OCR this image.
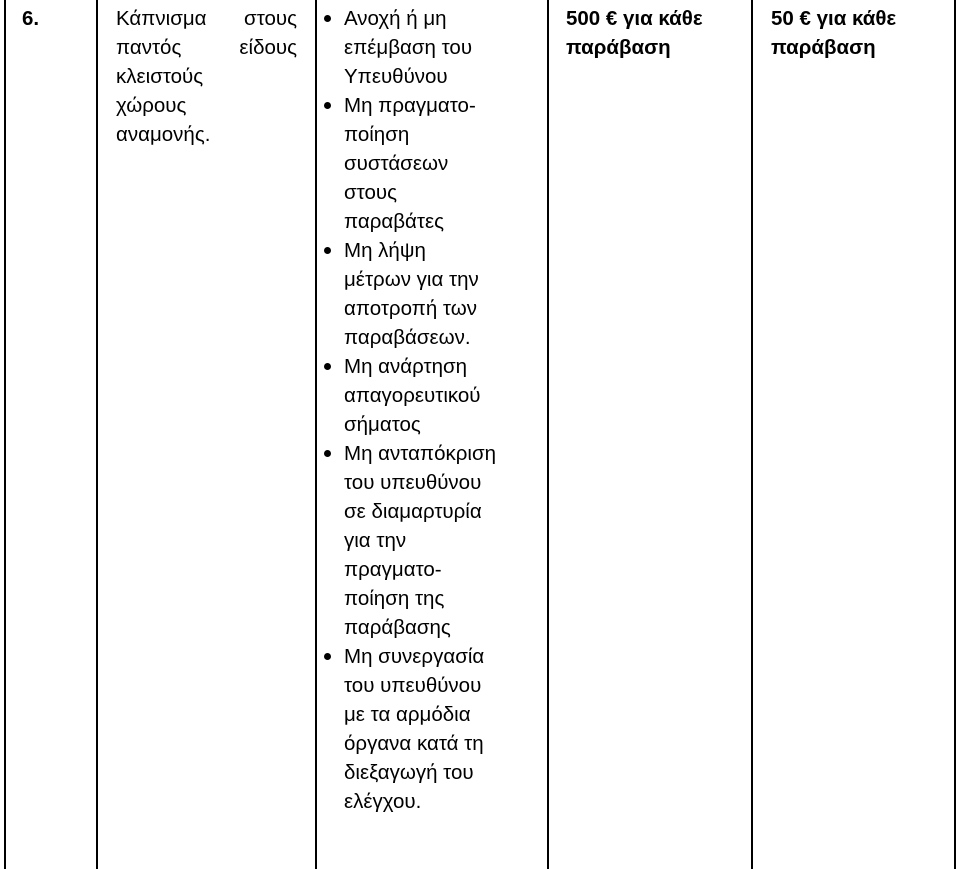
6.	Κάπνισμα στους
παντός	είδους
κλειστούς
χώρους
αναμονής.
Ανοχή ή μη
επέμβαση του
Υπευθύνου
Μη πραγματο-
ποίηση
συστάσεων
στους
παραβάτες
Μη λήψη
μέτρων για την
αποτροπή των
παραβάσεων.
Μη ανάρτηση
απαγορευτικού
σήματος
Μη ανταπόκριση
του υπευθύνου
σε διαμαρτυρία
για την
πραγματο-
ποίηση της
παράβασης
Μη συνεργασία
του υπευθύνου
με τα αρμόδια
όργανα κατά τη
διεξαγωγή του
ελέγχου.
500 € για κάθε
παράβαση
50 € για κάθε
παράβαση
